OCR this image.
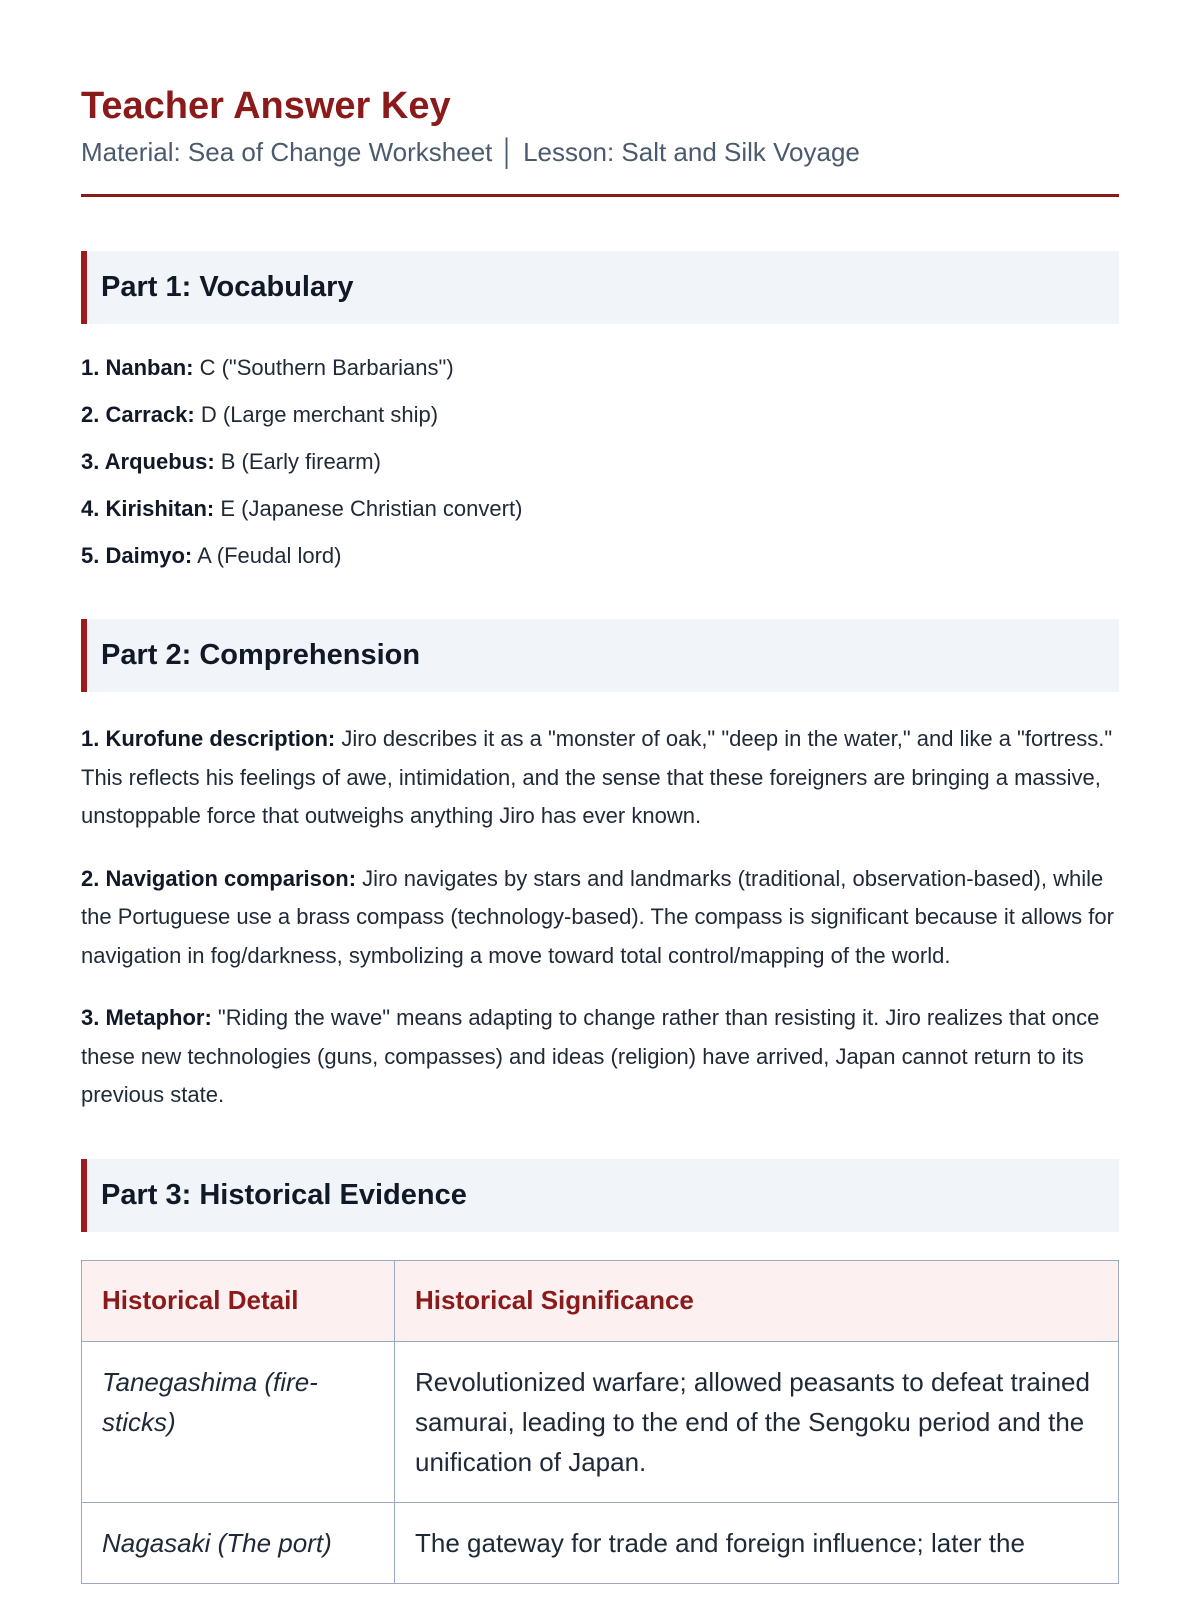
Teacher Answer Key
Material: Sea of Change Worksheet │ Lesson: Salt and Silk Voyage
Part 1: Vocabulary
1. Nanban: C ("Southern Barbarians")
2. Carrack: D (Large merchant ship)
3. Arquebus: B (Early firearm)
4. Kirishitan: E (Japanese Christian convert)
5. Daimyo: A (Feudal lord)
Part 2: Comprehension
1. Kurofune description: Jiro describes it as a "monster of oak," "deep in the water," and like a "fortress." This reflects his feelings of awe, intimidation, and the sense that these foreigners are bringing a massive, unstoppable force that outweighs anything Jiro has ever known.
2. Navigation comparison: Jiro navigates by stars and landmarks (traditional, observation-based), while the Portuguese use a brass compass (technology-based). The compass is significant because it allows for navigation in fog/darkness, symbolizing a move toward total control/mapping of the world.
3. Metaphor: "Riding the wave" means adapting to change rather than resisting it. Jiro realizes that once these new technologies (guns, compasses) and ideas (religion) have arrived, Japan cannot return to its previous state.
Part 3: Historical Evidence
Historical Detail	Historical Significance
Tanegashima (fire-sticks)	Revolutionized warfare; allowed peasants to defeat trained samurai, leading to the end of the Sengoku period and the unification of Japan.
Nagasaki (The port)	The gateway for trade and foreign influence; later the
